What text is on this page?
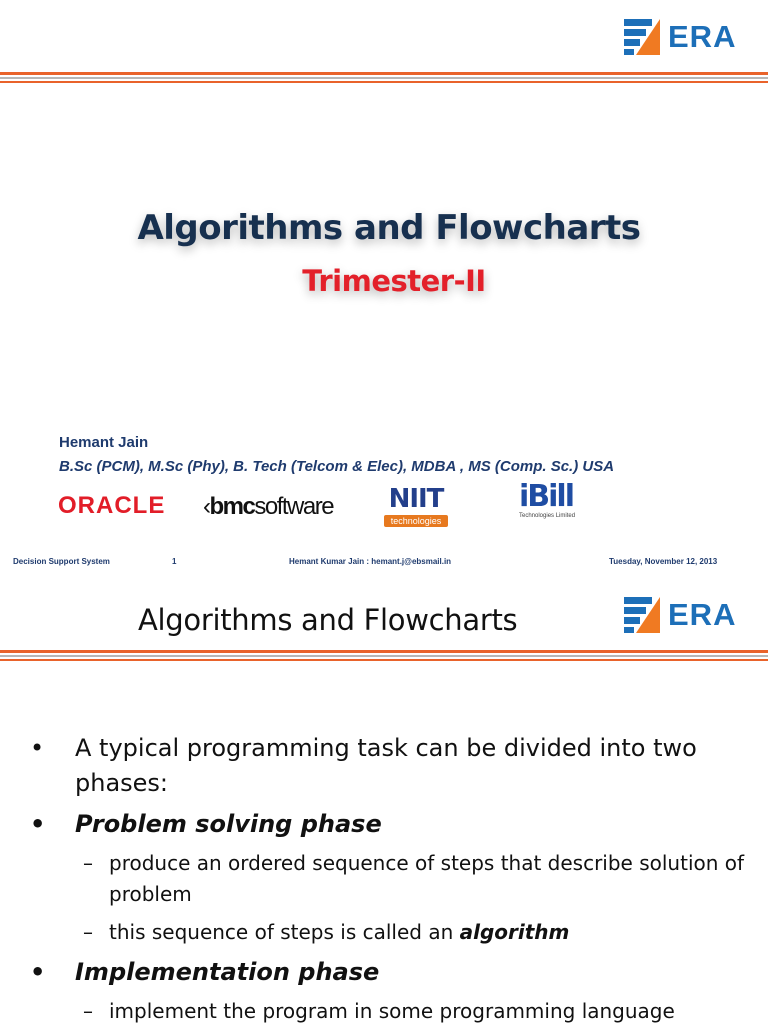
ERA
Algorithms and Flowcharts
Trimester-II
Hemant Jain
B.Sc (PCM), M.Sc (Phy), B. Tech (Telcom & Elec), MDBA , MS (Comp. Sc.) USA
ORACLE ‹bmcsoftware NIIT
technologies
iBill
Technologies Limited
Decision Support System	1	Hemant Kumar Jain : hemant.j@ebsmail.in	Tuesday, November 12, 2013
Algorithms and Flowcharts	ERA
• A typical programming task can be divided into two phases:
• Problem solving phase
– produce an ordered sequence of steps that describe solution of problem
– this sequence of steps is called an algorithm
• Implementation phase
– implement the program in some programming language
